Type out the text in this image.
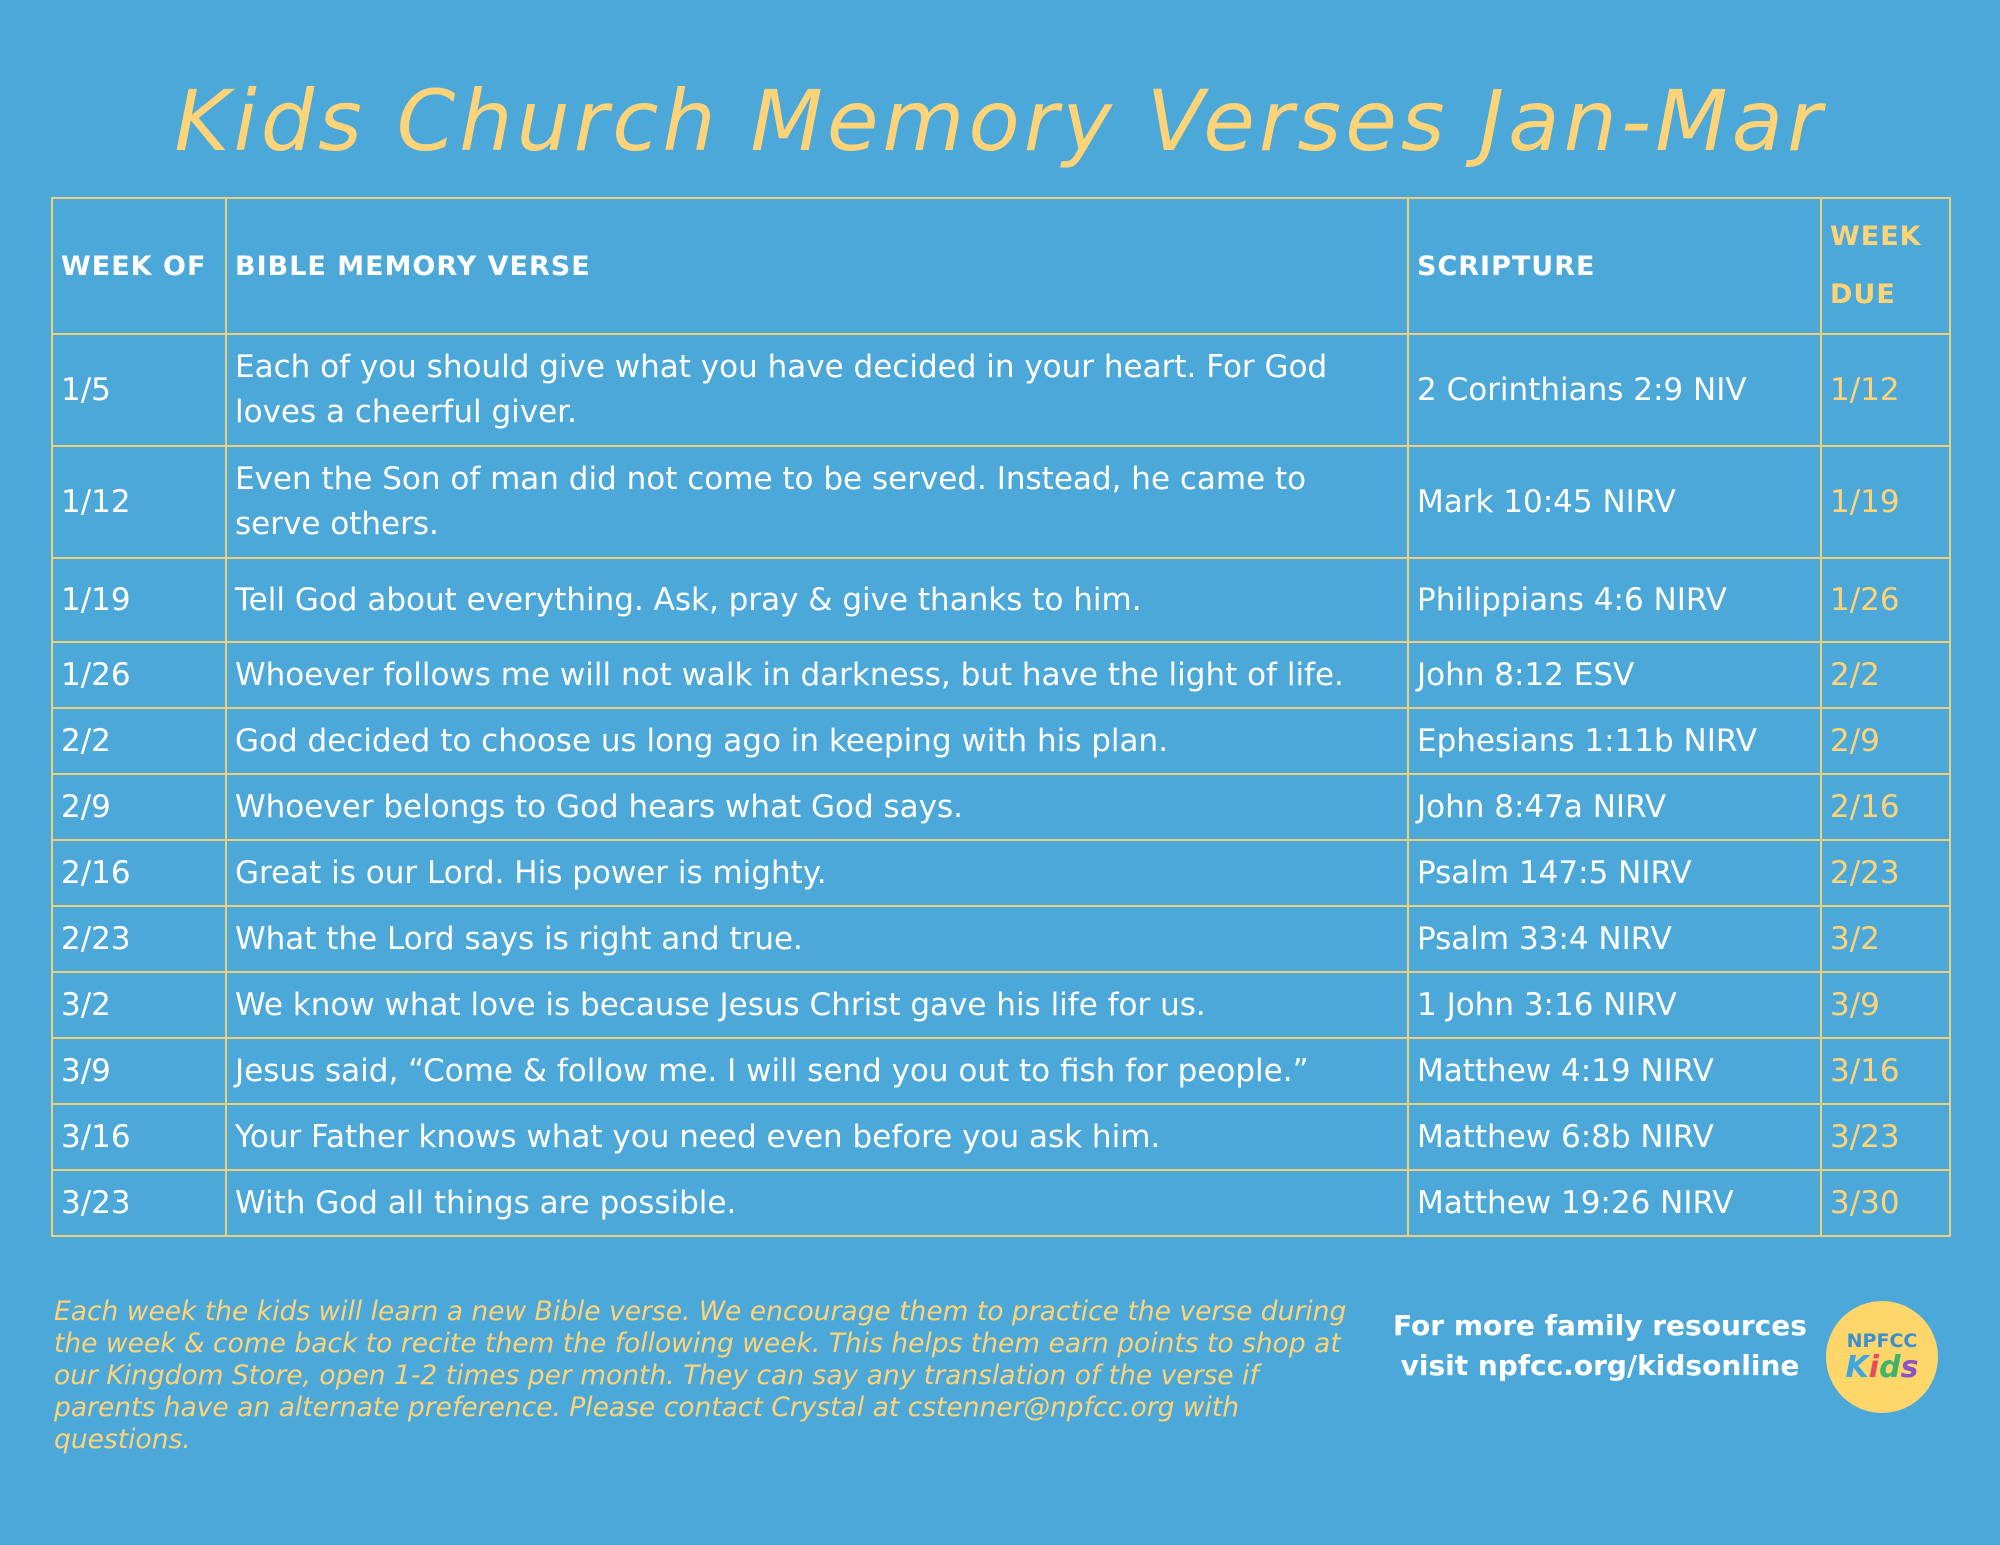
Kids Church Memory Verses Jan-Mar
WEEK OF	BIBLE MEMORY VERSE	SCRIPTURE	WEEK
DUE
1/5	Each of you should give what you have decided in your heart. For God loves a cheerful giver.	2 Corinthians 2:9 NIV	1/12
1/12	Even the Son of man did not come to be served. Instead, he came to serve others.	Mark 10:45 NIRV	1/19
1/19	Tell God about everything. Ask, pray & give thanks to him.	Philippians 4:6 NIRV	1/26
1/26	Whoever follows me will not walk in darkness, but have the light of life.	John 8:12 ESV	2/2
2/2	God decided to choose us long ago in keeping with his plan.	Ephesians 1:11b NIRV	2/9
2/9	Whoever belongs to God hears what God says.	John 8:47a NIRV	2/16
2/16	Great is our Lord. His power is mighty.	Psalm 147:5 NIRV	2/23
2/23	What the Lord says is right and true.	Psalm 33:4 NIRV	3/2
3/2	We know what love is because Jesus Christ gave his life for us.	1 John 3:16 NIRV	3/9
3/9	Jesus said, “Come & follow me. I will send you out to fish for people.”	Matthew 4:19 NIRV	3/16
3/16	Your Father knows what you need even before you ask him.	Matthew 6:8b NIRV	3/23
3/23	With God all things are possible.	Matthew 19:26 NIRV	3/30

Each week the kids will learn a new Bible verse. We encourage them to practice the verse during the week & come back to recite them the following week. This helps them earn points to shop at our Kingdom Store, open 1-2 times per month. They can say any translation of the verse if parents have an alternate preference. Please contact Crystal at cstenner@npfcc.org with questions.

For more family resources
visit npfcc.org/kidsonline
NPFCC
Kids
